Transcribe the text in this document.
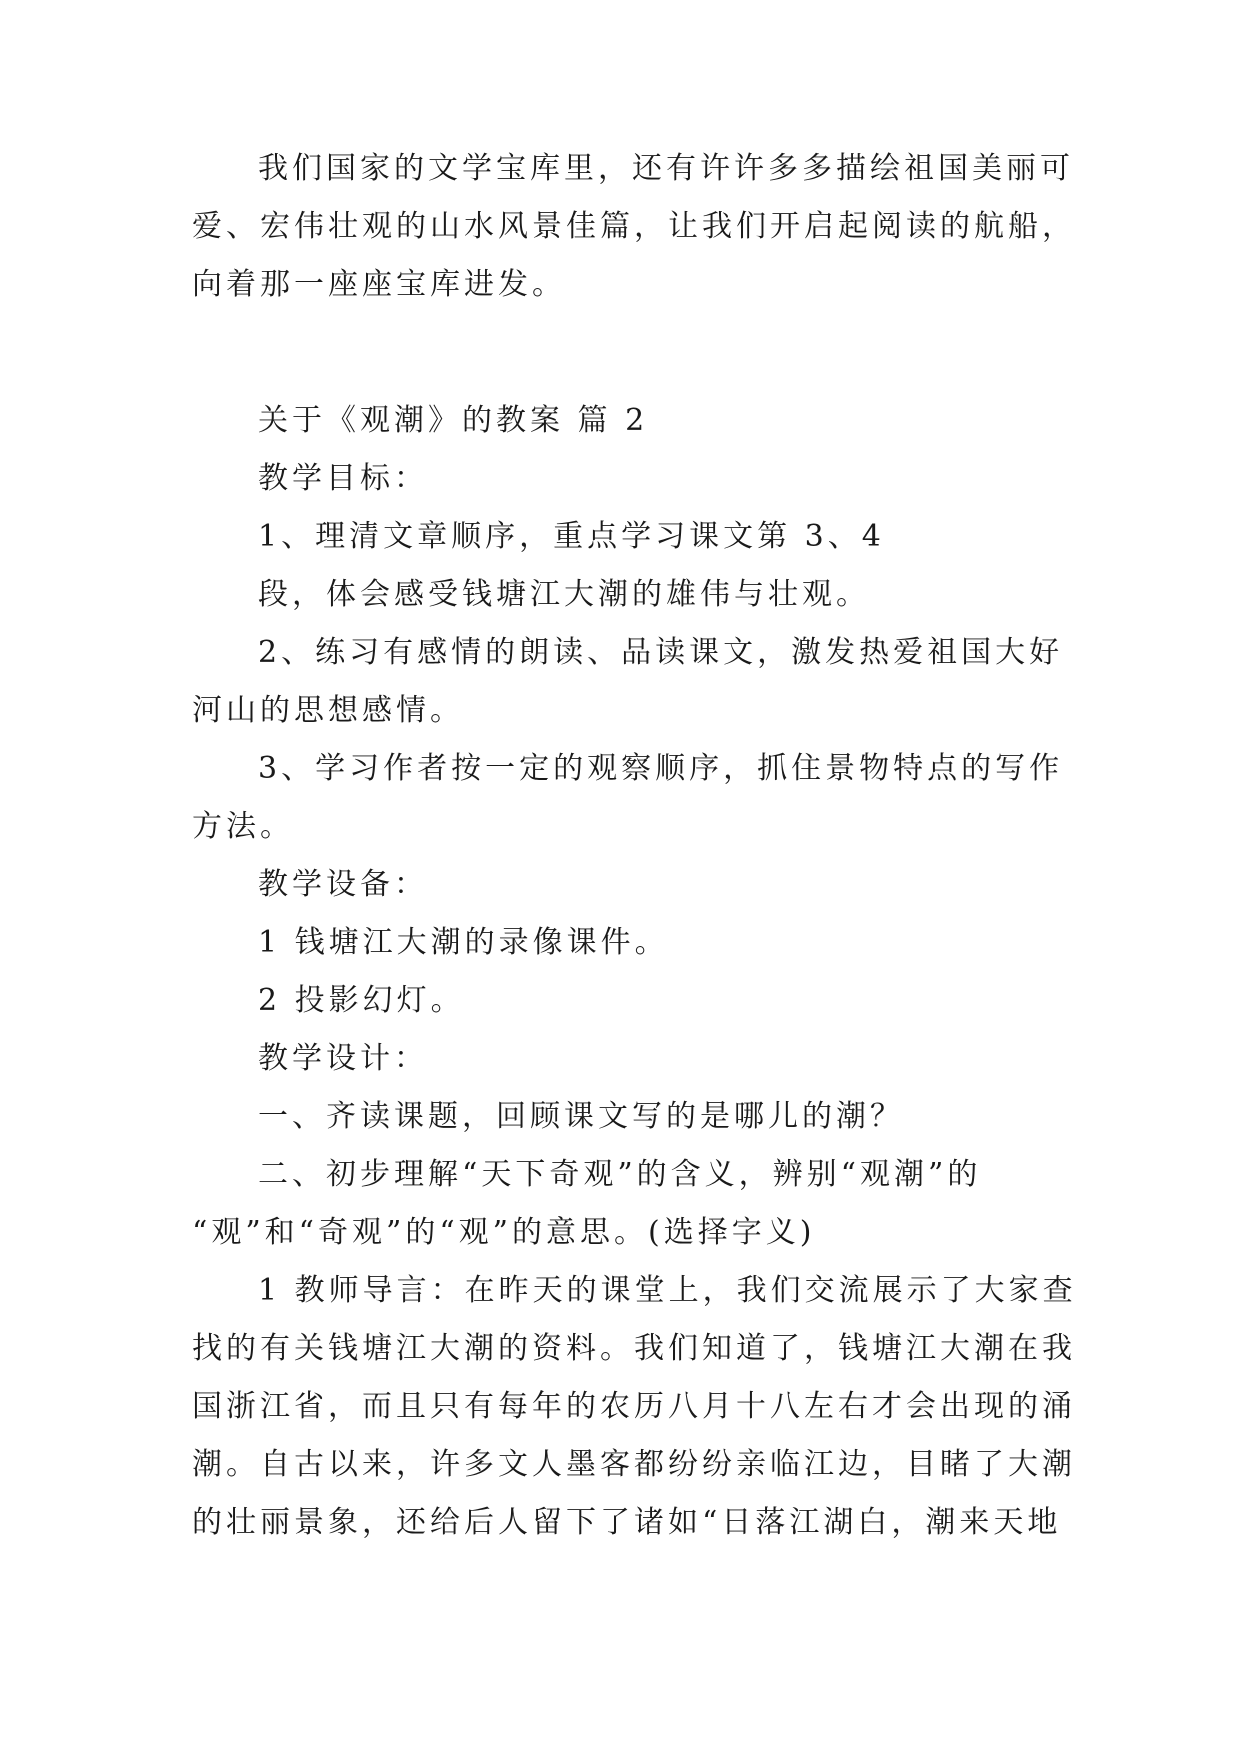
我们国家的文学宝库里，还有许许多多描绘祖国美丽可

爱、宏伟壮观的山水风景佳篇，让我们开启起阅读的航船，

向着那一座座宝库进发。

关于《观潮》的教案 篇 2

教学目标：

1、理清文章顺序，重点学习课文第 3、4

段，体会感受钱塘江大潮的雄伟与壮观。

2、练习有感情的朗读、品读课文，激发热爱祖国大好

河山的思想感情。

3、学习作者按一定的观察顺序，抓住景物特点的写作

方法。

教学设备：

1 钱塘江大潮的录像课件。

2 投影幻灯。

教学设计：

一、齐读课题，回顾课文写的是哪儿的潮？

二、初步理解“天下奇观”的含义，辨别“观潮”的

“观”和“奇观”的“观”的意思。(选择字义)

1 教师导言：在昨天的课堂上，我们交流展示了大家查

找的有关钱塘江大潮的资料。我们知道了，钱塘江大潮在我

国浙江省，而且只有每年的农历八月十八左右才会出现的涌

潮。自古以来，许多文人墨客都纷纷亲临江边，目睹了大潮

的壮丽景象，还给后人留下了诸如“日落江湖白，潮来天地
